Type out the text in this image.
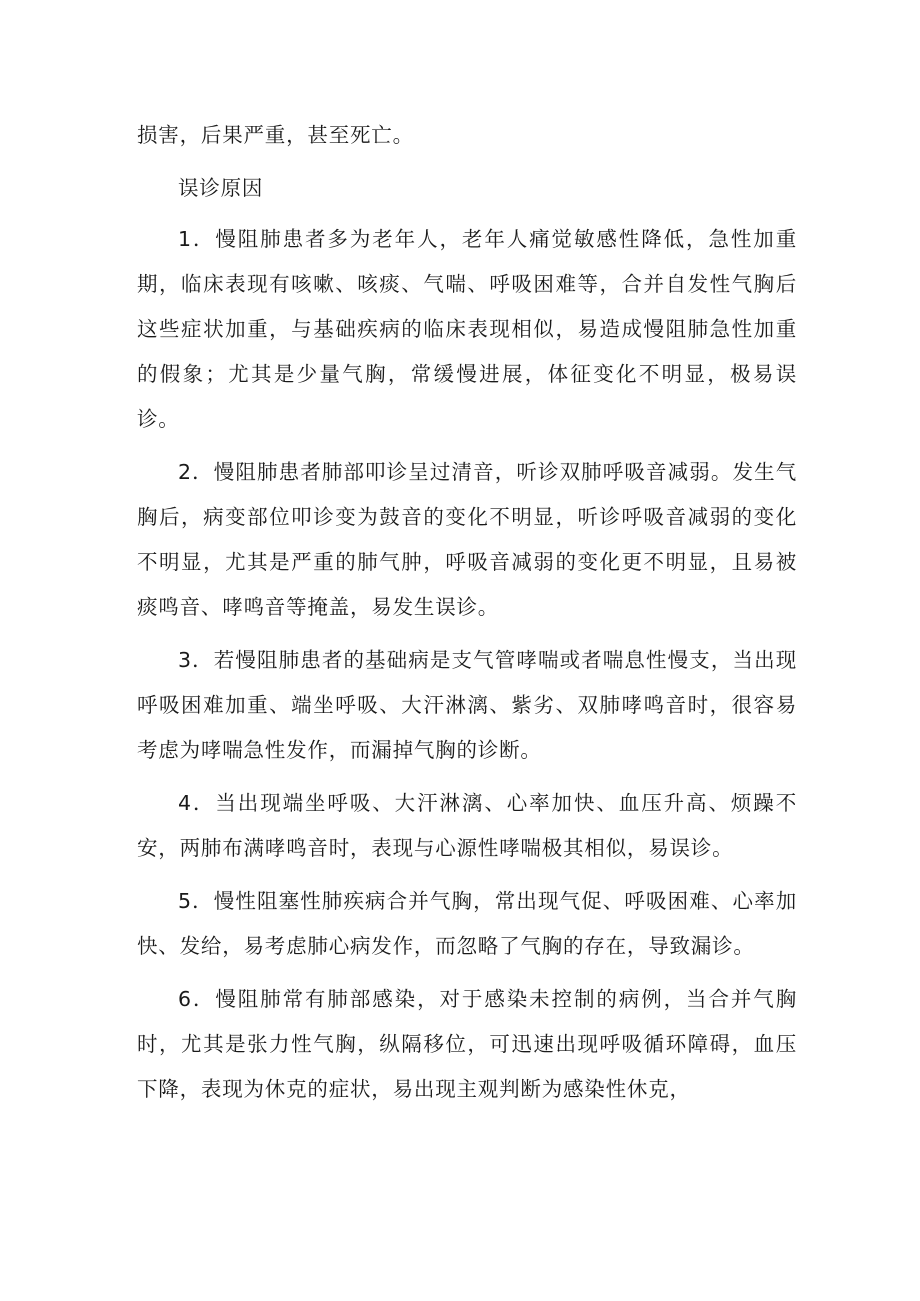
损害，后果严重，甚至死亡。

误诊原因

1．慢阻肺患者多为老年人，老年人痛觉敏感性降低，急性加重期，临床表现有咳嗽、咳痰、气喘、呼吸困难等，合并自发性气胸后这些症状加重，与基础疾病的临床表现相似，易造成慢阻肺急性加重的假象；尤其是少量气胸，常缓慢进展，体征变化不明显，极易误诊。

2．慢阻肺患者肺部叩诊呈过清音，听诊双肺呼吸音减弱。发生气胸后，病变部位叩诊变为鼓音的变化不明显，听诊呼吸音减弱的变化不明显，尤其是严重的肺气肿，呼吸音减弱的变化更不明显，且易被痰鸣音、哮鸣音等掩盖，易发生误诊。

3．若慢阻肺患者的基础病是支气管哮喘或者喘息性慢支，当出现呼吸困难加重、端坐呼吸、大汗淋漓、紫劣、双肺哮鸣音时，很容易考虑为哮喘急性发作，而漏掉气胸的诊断。

4．当出现端坐呼吸、大汗淋漓、心率加快、血压升高、烦躁不安，两肺布满哮鸣音时，表现与心源性哮喘极其相似，易误诊。

5．慢性阻塞性肺疾病合并气胸，常出现气促、呼吸困难、心率加快、发给，易考虑肺心病发作，而忽略了气胸的存在，导致漏诊。

6．慢阻肺常有肺部感染，对于感染未控制的病例，当合并气胸时，尤其是张力性气胸，纵隔移位，可迅速出现呼吸循环障碍，血压下降，表现为休克的症状，易出现主观判断为感染性休克，
